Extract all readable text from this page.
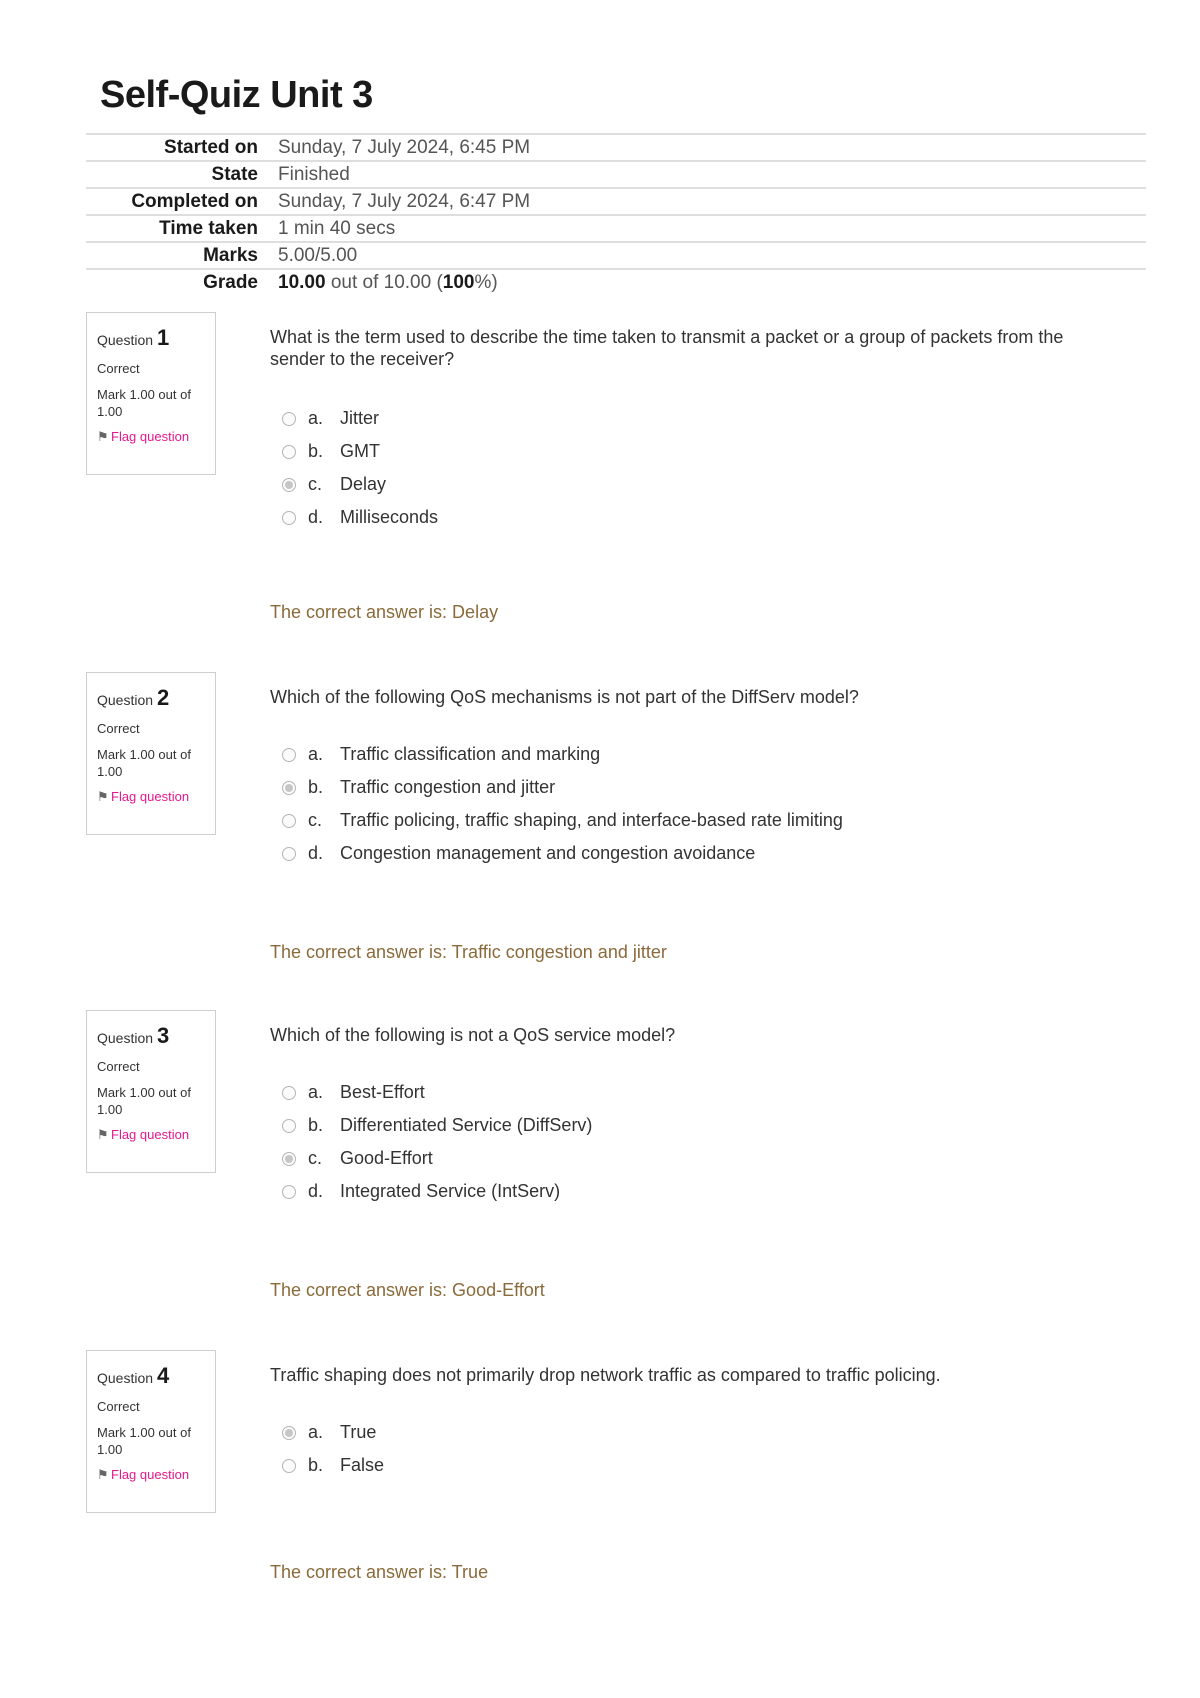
Self-Quiz Unit 3
Started on	Sunday, 7 July 2024, 6:45 PM
State	Finished
Completed on	Sunday, 7 July 2024, 6:47 PM
Time taken	1 min 40 secs
Marks	5.00/5.00
Grade	10.00 out of 10.00 (100%)
Question 1
Correct
Mark 1.00 out of 1.00
⚑ Flag question

What is the term used to describe the time taken to transmit a packet or a group of packets from the sender to the receiver?

a. Jitter
b. GMT
c. Delay
d. Milliseconds
The correct answer is: Delay
Question 2
Correct
Mark 1.00 out of 1.00
⚑ Flag question

Which of the following QoS mechanisms is not part of the DiffServ model?

a. Traffic classification and marking
b. Traffic congestion and jitter
c. Traffic policing, traffic shaping, and interface-based rate limiting
d. Congestion management and congestion avoidance
The correct answer is: Traffic congestion and jitter
Question 3
Correct
Mark 1.00 out of 1.00
⚑ Flag question

Which of the following is not a QoS service model?

a. Best-Effort
b. Differentiated Service (DiffServ)
c. Good-Effort
d. Integrated Service (IntServ)
The correct answer is: Good-Effort
Question 4
Correct
Mark 1.00 out of 1.00
⚑ Flag question

Traffic shaping does not primarily drop network traffic as compared to traffic policing.

a. True
b. False
The correct answer is: True
